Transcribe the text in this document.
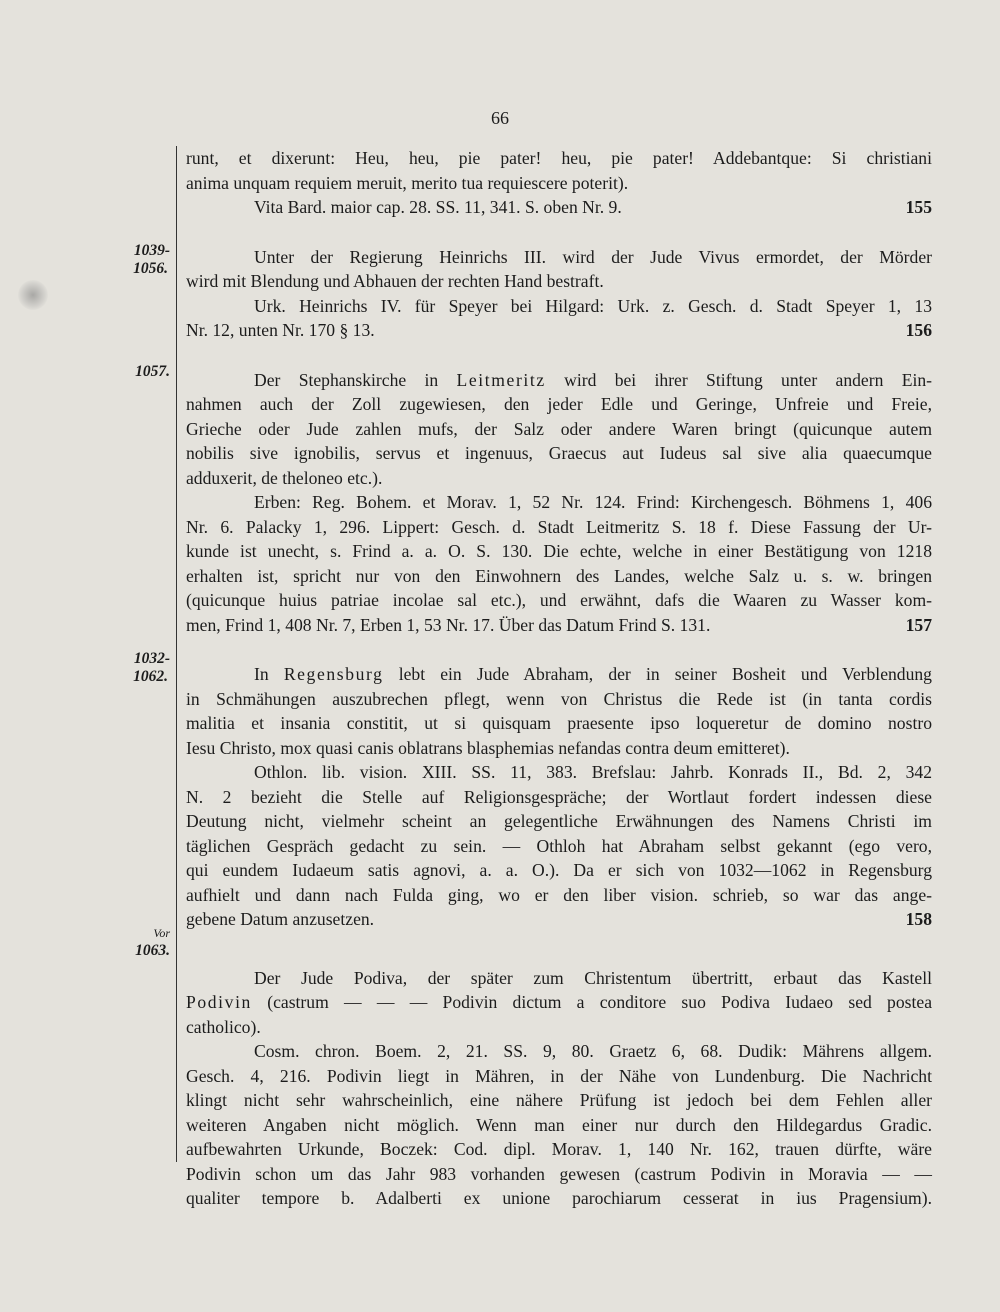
66
1039-
1056.
1057.
1032-
1062.
Vor
1063.
runt, et dixerunt: Heu, heu, pie pater! heu, pie pater! Addebantque: Si christiani
anima unquam requiem meruit, merito tua requiescere poterit).
Vita Bard. maior cap. 28. SS. 11, 341. S. oben Nr. 9.	155
Unter der Regierung Heinrichs III. wird der Jude Vivus ermordet, der Mörder
wird mit Blendung und Abhauen der rechten Hand bestraft.
Urk. Heinrichs IV. für Speyer bei Hilgard: Urk. z. Gesch. d. Stadt Speyer 1, 13
Nr. 12, unten Nr. 170 § 13.	156
Der Stephanskirche in Leitmeritz wird bei ihrer Stiftung unter andern Ein-
nahmen auch der Zoll zugewiesen, den jeder Edle und Geringe, Unfreie und Freie,
Grieche oder Jude zahlen mufs, der Salz oder andere Waren bringt (quicunque autem
nobilis sive ignobilis, servus et ingenuus, Graecus aut Iudeus sal sive alia quaecumque
adduxerit, de theloneo etc.).
Erben: Reg. Bohem. et Morav. 1, 52 Nr. 124. Frind: Kirchengesch. Böhmens 1, 406
Nr. 6. Palacky 1, 296. Lippert: Gesch. d. Stadt Leitmeritz S. 18 f. Diese Fassung der Ur-
kunde ist unecht, s. Frind a. a. O. S. 130. Die echte, welche in einer Bestätigung von 1218
erhalten ist, spricht nur von den Einwohnern des Landes, welche Salz u. s. w. bringen
(quicunque huius patriae incolae sal etc.), und erwähnt, dafs die Waaren zu Wasser kom-
men, Frind 1, 408 Nr. 7, Erben 1, 53 Nr. 17. Über das Datum Frind S. 131.	157
In Regensburg lebt ein Jude Abraham, der in seiner Bosheit und Verblendung
in Schmähungen auszubrechen pflegt, wenn von Christus die Rede ist (in tanta cordis
malitia et insania constitit, ut si quisquam praesente ipso loqueretur de domino nostro
Iesu Christo, mox quasi canis oblatrans blasphemias nefandas contra deum emitteret).
Othlon. lib. vision. XIII. SS. 11, 383. Brefslau: Jahrb. Konrads II., Bd. 2, 342
N. 2 bezieht die Stelle auf Religionsgespräche; der Wortlaut fordert indessen diese
Deutung nicht, vielmehr scheint an gelegentliche Erwähnungen des Namens Christi im
täglichen Gespräch gedacht zu sein. — Othloh hat Abraham selbst gekannt (ego vero,
qui eundem Iudaeum satis agnovi, a. a. O.). Da er sich von 1032—1062 in Regensburg
aufhielt und dann nach Fulda ging, wo er den liber vision. schrieb, so war das ange-
gebene Datum anzusetzen.	158
Der Jude Podiva, der später zum Christentum übertritt, erbaut das Kastell
Podivin (castrum — — — Podivin dictum a conditore suo Podiva Iudaeo sed postea
catholico).
Cosm. chron. Boem. 2, 21. SS. 9, 80. Graetz 6, 68. Dudik: Mährens allgem.
Gesch. 4, 216. Podivin liegt in Mähren, in der Nähe von Lundenburg. Die Nachricht
klingt nicht sehr wahrscheinlich, eine nähere Prüfung ist jedoch bei dem Fehlen aller
weiteren Angaben nicht möglich. Wenn man einer nur durch den Hildegardus Gradic.
aufbewahrten Urkunde, Boczek: Cod. dipl. Morav. 1, 140 Nr. 162, trauen dürfte, wäre
Podivin schon um das Jahr 983 vorhanden gewesen (castrum Podivin in Moravia — —
qualiter tempore b. Adalberti ex unione parochiarum cesserat in ius Pragensium).
